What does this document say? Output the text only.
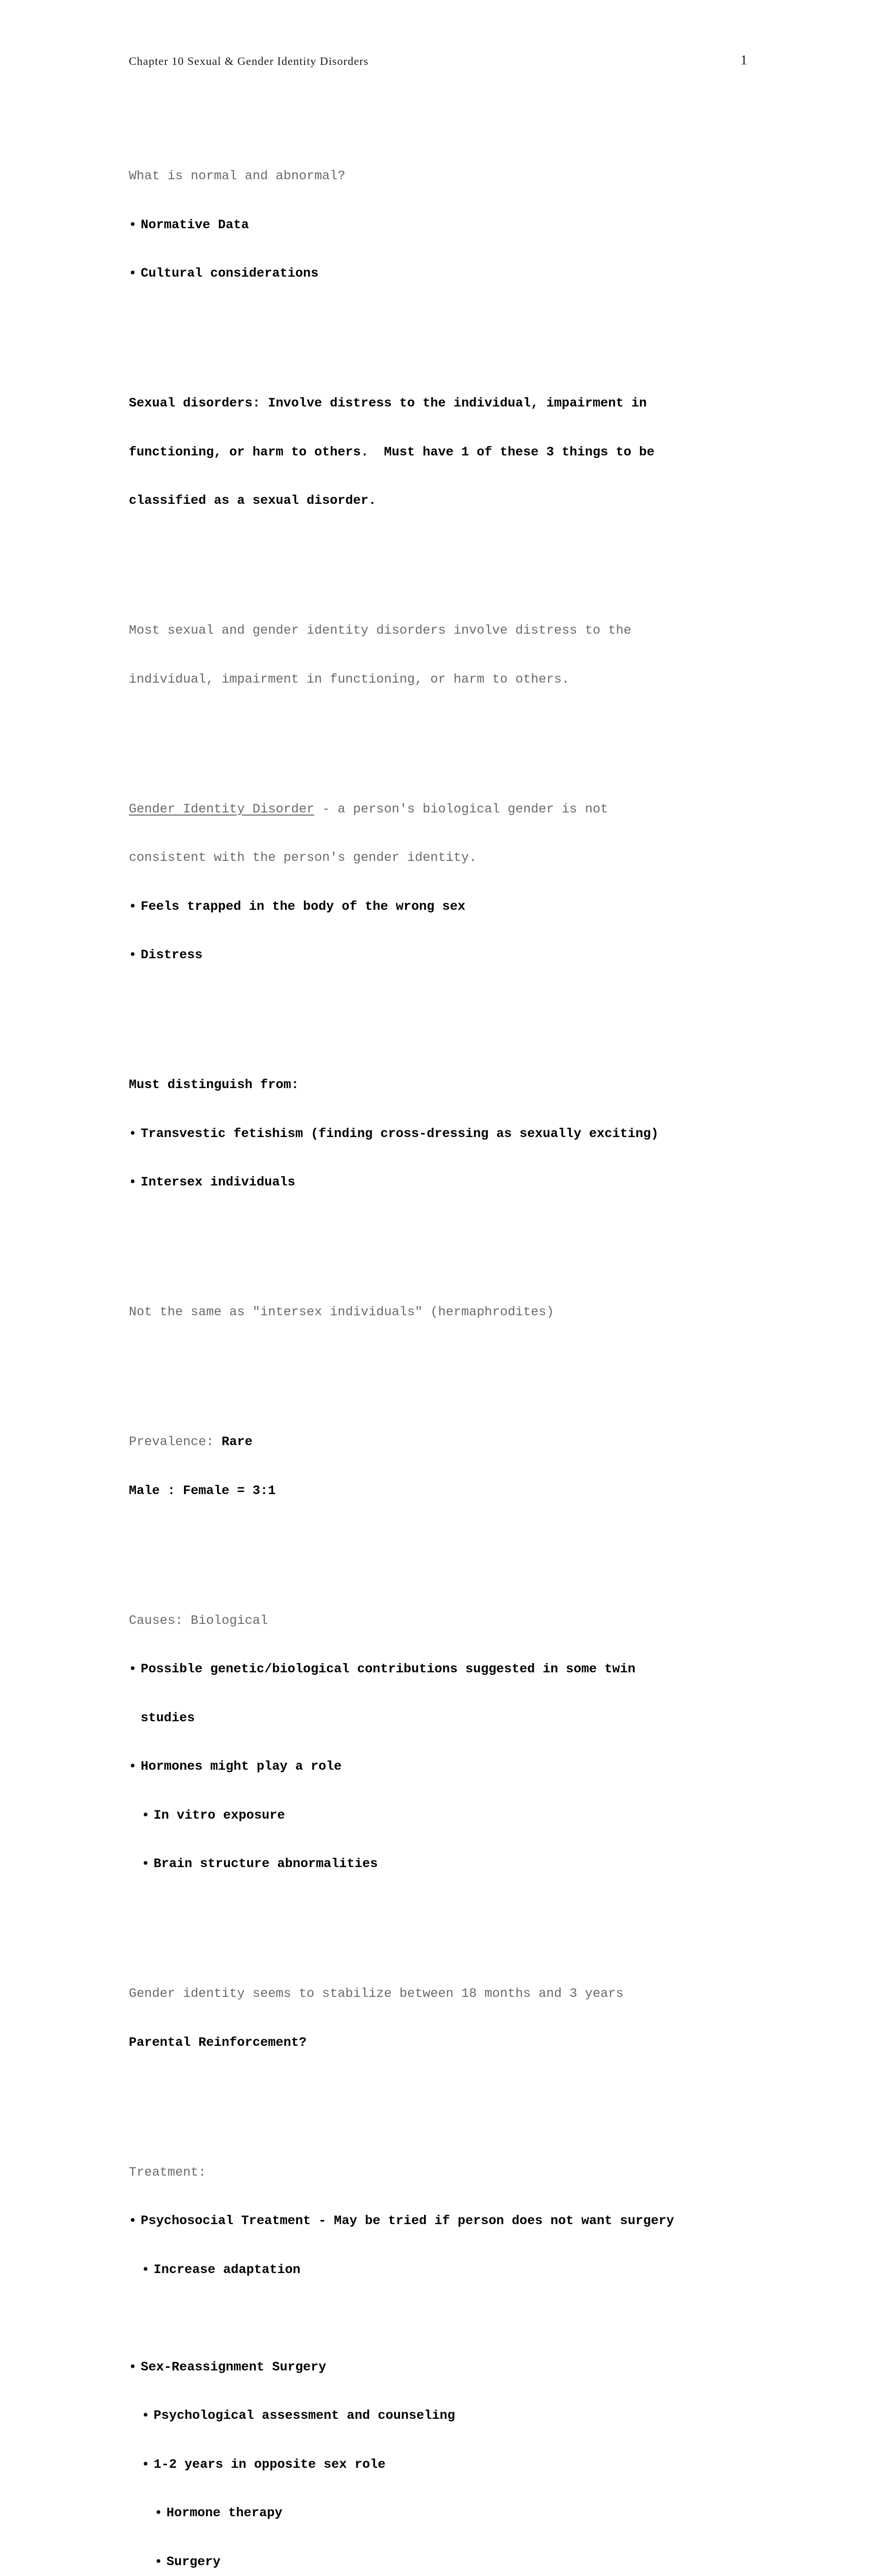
Chapter 10 Sexual & Gender Identity Disorders	1

What is normal and abnormal?

• Normative Data

• Cultural considerations

Sexual disorders: Involve distress to the individual, impairment in

functioning, or harm to others.  Must have 1 of these 3 things to be

classified as a sexual disorder.

Most sexual and gender identity disorders involve distress to the

individual, impairment in functioning, or harm to others.

Gender Identity Disorder - a person's biological gender is not

consistent with the person's gender identity.

• Feels trapped in the body of the wrong sex

• Distress

Must distinguish from:

• Transvestic fetishism (finding cross-dressing as sexually exciting)

• Intersex individuals

Not the same as "intersex individuals" (hermaphrodites)

Prevalence: Rare

Male : Female = 3:1

Causes: Biological

• Possible genetic/biological contributions suggested in some twin

studies

• Hormones might play a role

• In vitro exposure

• Brain structure abnormalities

Gender identity seems to stabilize between 18 months and 3 years

Parental Reinforcement?

Treatment:

• Psychosocial Treatment - May be tried if person does not want surgery

• Increase adaptation

• Sex-Reassignment Surgery

• Psychological assessment and counseling

• 1-2 years in opposite sex role

• Hormone therapy

• Surgery
